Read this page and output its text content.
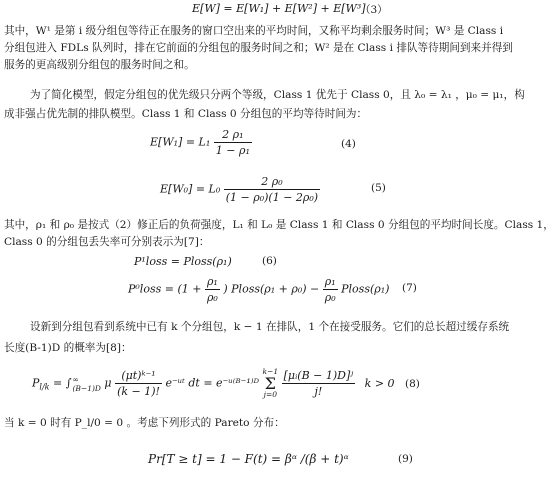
E[W] = E[W₁] + E[W²] + E[W³]
（3）
其中，W¹ 是第 i 级分组包等待正在服务的窗口空出来的平均时间，又称平均剩余服务时间；W³ 是 Class i
分组包进入 FDLs 队列时，排在它前面的分组包的服务时间之和；W² 是在 Class i 排队等待期间到来并得到
服务的更高级别分组包的服务时间之和。
为了简化模型，假定分组包的优先级只分两个等级，Class 1 优先于 Class 0，且 λ₀ = λ₁ ，μ₀ = μ₁，构
成非强占优先制的排队模型。Class 1 和 Class 0 分组包的平均等待时间为：
$E[W_1] = L_1 \frac{\text{2 ρ₁}}{\text{1 − ρ₁}}$	(4)
$E[W_0] = L_0 \frac{\text{2 ρ₀}}{\text{(1 − ρ₀)(1 − 2ρ₀)}}$	(5)
其中，ρ₁ 和 ρ₀ 是按式（2）修正后的负荷强度，L₁ 和 L₀ 是 Class 1 和 Class 0 分组包的平均时间长度。Class 1，
Class 0 的分组包丢失率可分别表示为[7]：
P¹loss = Ploss(ρ₁)	(6)
P⁰loss = ($1 + \frac{\text{ρ₁}}{\text{ρ₀}}$ ) Ploss(ρ₁ + $\rho_0) - \frac{\text{ρ₁}}{\text{ρ₀}}$ Ploss(ρ₁) (7)
设新到分组包看到系统中已有 k 个分组包，k − 1 在排队，1 个在接受服务。它们的总长超过缓存系统
长度(B-1)D 的概率为[8]：
$P_{l/k}$ = ∫ ∞
(B−1)D μ $\frac{\text{(μt)ᵏ⁻¹}}{(k - 1)!}$ e⁻ᵘᵗ dt = e⁻ᵘ⁽ᴮ⁻¹⁾ᴰ
k−1
Σ
j=0
$\frac{\text{[μᵢ(B − 1)D]ʲ}}{j!}$ k > 0 (8)
当 k = 0 时有 P_l/0 = 0 。考虑下列形式的 Pareto 分布：
Pr[T ≥ t] = 1 − F(t) = βᵅ /(β + t)ᵅ	(9)
